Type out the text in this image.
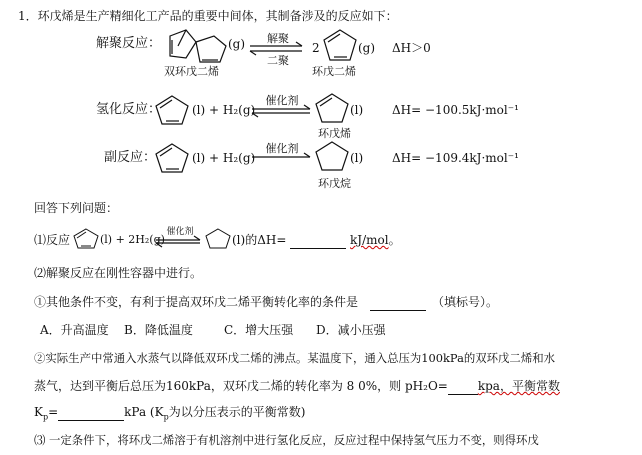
1．环戊烯是生产精细化工产品的重要中间体，其制备涉及的反应如下：
解聚反应：	(g)	解聚
二聚
2	(g) ΔH＞0
双环戊二烯	环戊二烯
氢化反应：	(l) + H₂(g)
催化剂
(l) ΔH= −100.5kJ·mol⁻¹
环戊烯
副反应：	(l) + H₂(g)
催化剂
(l) ΔH= −109.4kJ·mol⁻¹
环戊烷
回答下列问题：
⑴反应	(l) + 2H₂(g)
催化剂
(l)的ΔH=	kJ/mol。
⑵解聚反应在刚性容器中进行。
①其他条件不变，有利于提高双环戊二烯平衡转化率的条件是	（填标号）。
A．升高温度 B．降低温度	C．增大压强 D．减小压强
②实际生产中常通入水蒸气以降低双环戊二烯的沸点。某温度下，通入总压为100kPa的双环戊二烯和水
蒸气，达到平衡后总压为160kPa，双环戊二烯的转化率为 8 0%，则 pH₂O=	kpa，平衡常数
$K_p=$	kPa ($K_p$为以分压表示的平衡常数)
⑶ 一定条件下，将环戊二烯溶于有机溶剂中进行氢化反应，反应过程中保持氢气压力不变，则得环戊
